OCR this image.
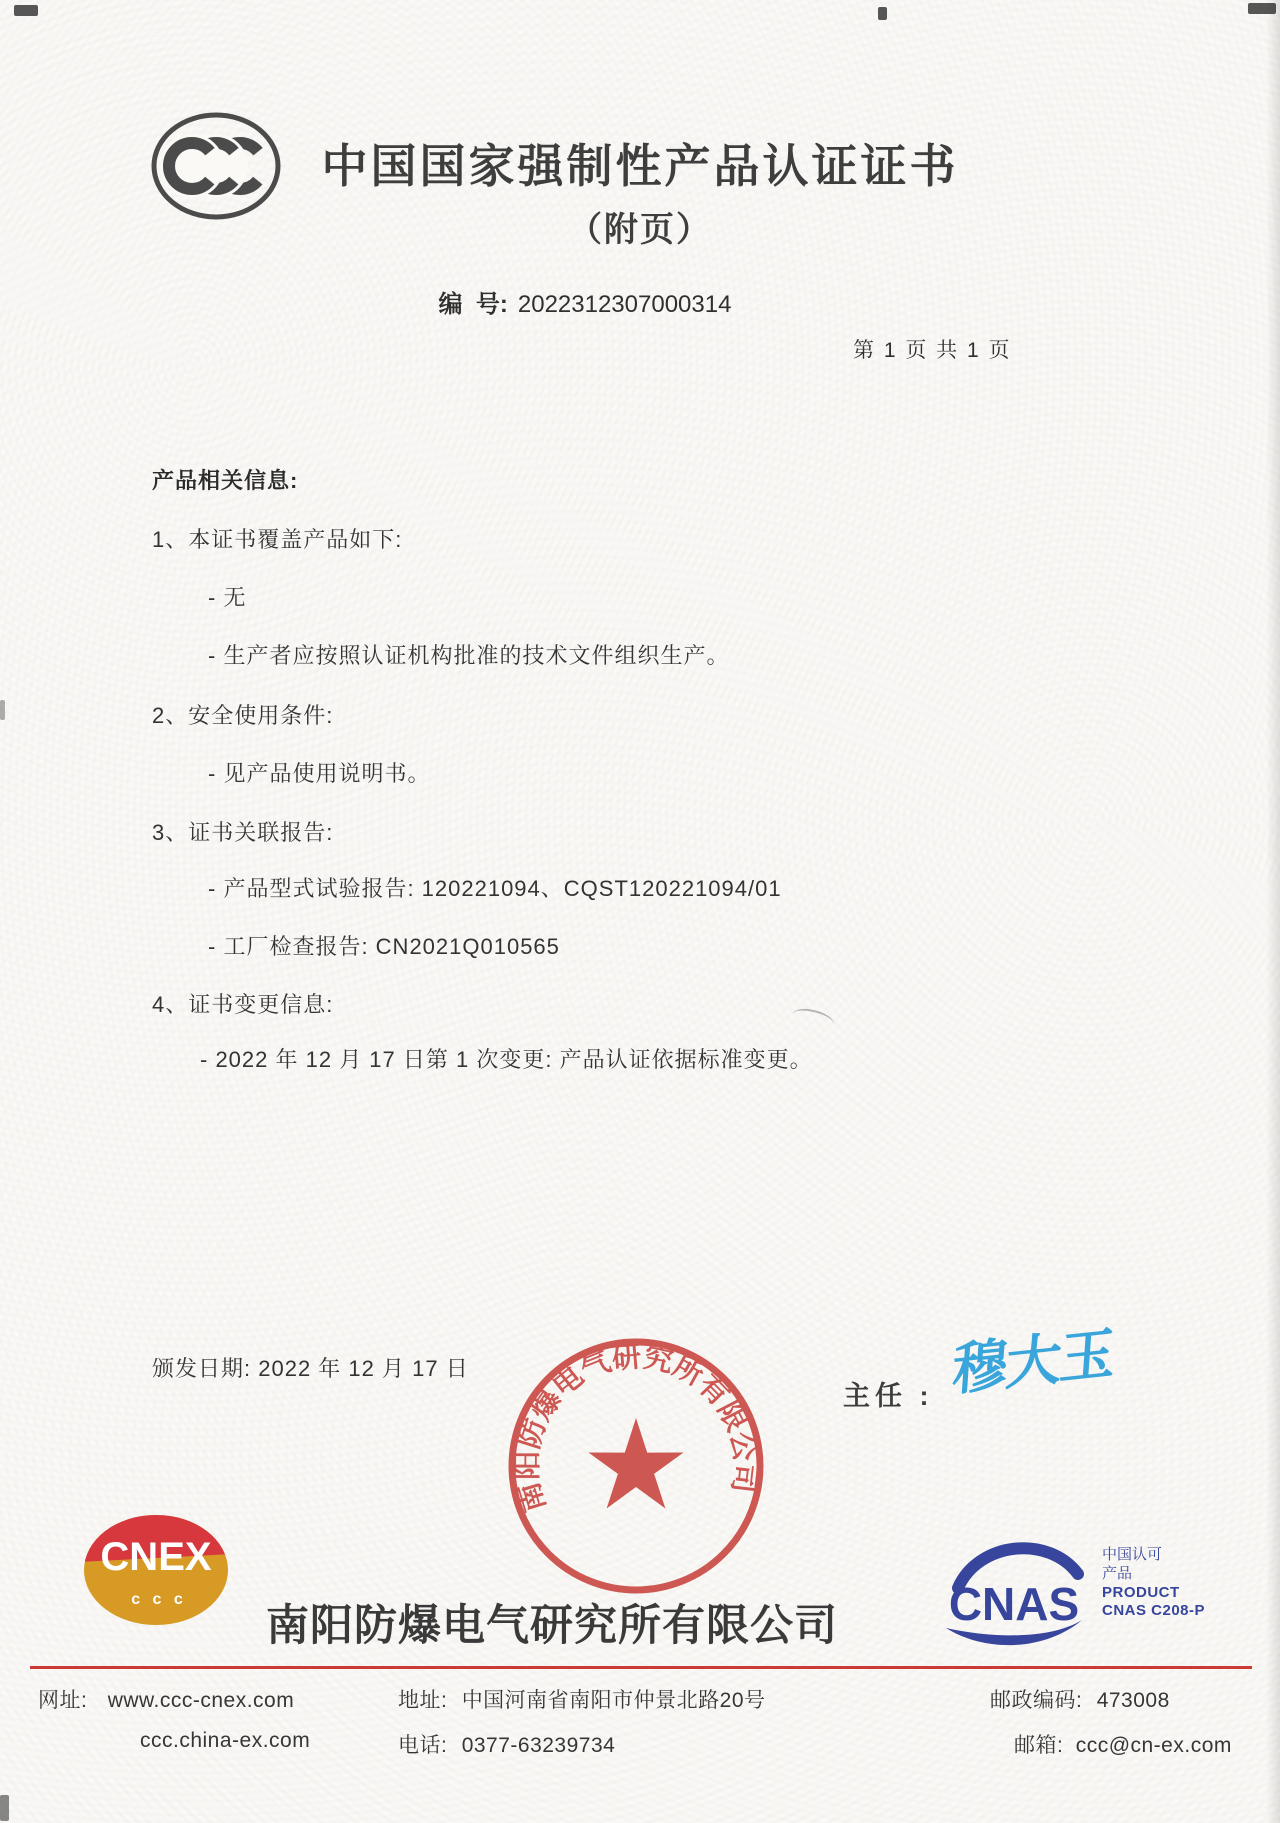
中国国家强制性产品认证证书
（附页）
编  号: 2022312307000314
第 1 页 共 1 页
产品相关信息:
1、本证书覆盖产品如下:
- 无
- 生产者应按照认证机构批准的技术文件组织生产。
2、安全使用条件:
- 见产品使用说明书。
3、证书关联报告:
- 产品型式试验报告: 120221094、CQST120221094/01
- 工厂检查报告: CN2021Q010565
4、证书变更信息:
- 2022 年 12 月 17 日第 1 次变更: 产品认证依据标准变更。
颁发日期: 2022 年 12 月 17 日
主任 : 穆大玉
南阳防爆电气研究所有限公司
南阳防爆电气研究所有限公司
CNEX
c c c	CNAS
中国认可
产品
PRODUCT
CNAS C208-P
网址: www.ccc-cnex.com
ccc.china-ex.com
地址: 中国河南省南阳市仲景北路20号
电话: 0377-63239734
邮政编码: 473008
邮箱: ccc@cn-ex.com
